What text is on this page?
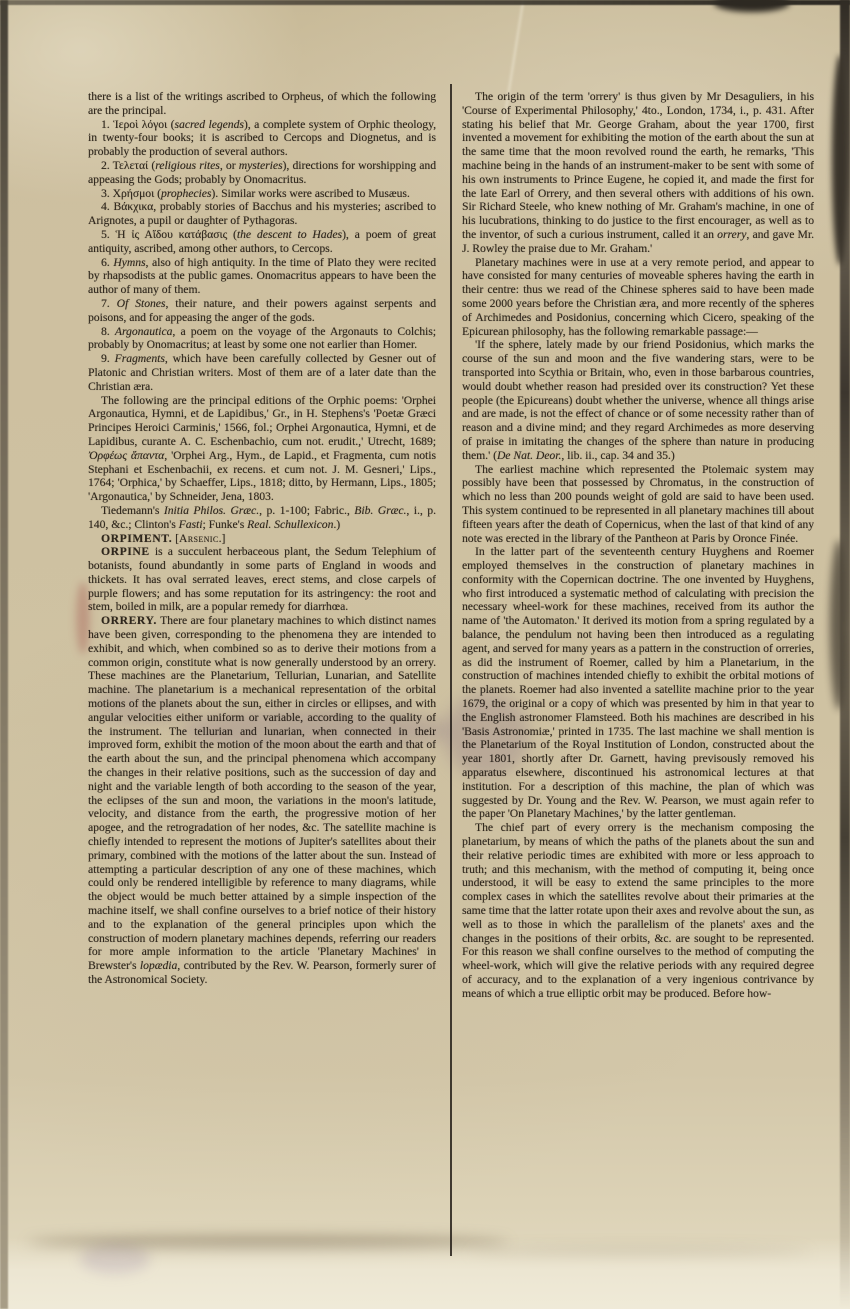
there is a list of the writings ascribed to Orpheus, of which the following are the principal.

1. Ἱεροὶ λόγοι (sacred legends), a complete system of Orphic theology, in twenty-four books; it is ascribed to Cercops and Diognetus, and is probably the production of several authors.

2. Τελεταί (religious rites, or mysteries), directions for worshipping and appeasing the Gods; probably by Onomacritus.

3. Χρήσμοι (prophecies). Similar works were ascribed to Musæus.

4. Βάκχικα, probably stories of Bacchus and his mysteries; ascribed to Arignotes, a pupil or daughter of Pythagoras.

5. Ἡ ἰς Αἴδου κατάβασις (the descent to Hades), a poem of great antiquity, ascribed, among other authors, to Cercops.

6. Hymns, also of high antiquity. In the time of Plato they were recited by rhapsodists at the public games. Onomacritus appears to have been the author of many of them.

7. Of Stones, their nature, and their powers against serpents and poisons, and for appeasing the anger of the gods.

8. Argonautica, a poem on the voyage of the Argonauts to Colchis; probably by Onomacritus; at least by some one not earlier than Homer.

9. Fragments, which have been carefully collected by Gesner out of Platonic and Christian writers. Most of them are of a later date than the Christian æra.

The following are the principal editions of the Orphic poems: 'Orphei Argonautica, Hymni, et de Lapidibus,' Gr., in H. Stephens's 'Poetæ Græci Principes Heroici Carminis,' 1566, fol.; Orphei Argonautica, Hymni, et de Lapidibus, curante A. C. Eschenbachio, cum not. erudit.,' Utrecht, 1689; Ὀρφέως ἅπαντα, 'Orphei Arg., Hym., de Lapid., et Fragmenta, cum notis Stephani et Eschenbachii, ex recens. et cum not. J. M. Gesneri,' Lips., 1764; 'Orphica,' by Schaeffer, Lips., 1818; ditto, by Hermann, Lips., 1805; 'Argonautica,' by Schneider, Jena, 1803.

Tiedemann's Initia Philos. Græc., p. 1-100; Fabric., Bib. Græc., i., p. 140, &c.; Clinton's Fasti; Funke's Real. Schullexicon.)

ORPIMENT. [Arsenic.]

ORPINE is a succulent herbaceous plant, the Sedum Telephium of botanists, found abundantly in some parts of England in woods and thickets. It has oval serrated leaves, erect stems, and close carpels of purple flowers; and has some reputation for its astringency: the root and stem, boiled in milk, are a popular remedy for diarrhœa.

ORRERY. There are four planetary machines to which distinct names have been given, corresponding to the phenomena they are intended to exhibit, and which, when combined so as to derive their motions from a common origin, constitute what is now generally understood by an orrery. These machines are the Planetarium, Tellurian, Lunarian, and Satellite machine. The planetarium is a mechanical representation of the orbital motions of the planets about the sun, either in circles or ellipses, and with angular velocities either uniform or variable, according to the quality of the instrument. The tellurian and lunarian, when connected in their improved form, exhibit the motion of the moon about the earth and that of the earth about the sun, and the principal phenomena which accompany the changes in their relative positions, such as the succession of day and night and the variable length of both according to the season of the year, the eclipses of the sun and moon, the variations in the moon's latitude, velocity, and distance from the earth, the progressive motion of her apogee, and the retrogradation of her nodes, &c. The satellite machine is chiefly intended to represent the motions of Jupiter's satellites about their primary, combined with the motions of the latter about the sun. Instead of attempting a particular description of any one of these machines, which could only be rendered intelligible by reference to many diagrams, while the object would be much better attained by a simple inspection of the machine itself, we shall confine ourselves to a brief notice of their history and to the explanation of the general principles upon which the construction of modern planetary machines depends, referring our readers for more ample information to the article 'Planetary Machines' in Brewster's lopædia, contributed by the Rev. W. Pearson, formerly surer of the Astronomical Society.

The origin of the term 'orrery' is thus given by Mr Desaguliers, in his 'Course of Experimental Philosophy,' 4to., London, 1734, i., p. 431. After stating his belief that Mr. George Graham, about the year 1700, first invented a movement for exhibiting the motion of the earth about the sun at the same time that the moon revolved round the earth, he remarks, 'This machine being in the hands of an instrument-maker to be sent with some of his own instruments to Prince Eugene, he copied it, and made the first for the late Earl of Orrery, and then several others with additions of his own. Sir Richard Steele, who knew nothing of Mr. Graham's machine, in one of his lucubrations, thinking to do justice to the first encourager, as well as to the inventor, of such a curious instrument, called it an orrery, and gave Mr. J. Rowley the praise due to Mr. Graham.'

Planetary machines were in use at a very remote period, and appear to have consisted for many centuries of moveable spheres having the earth in their centre: thus we read of the Chinese spheres said to have been made some 2000 years before the Christian æra, and more recently of the spheres of Archimedes and Posidonius, concerning which Cicero, speaking of the Epicurean philosophy, has the following remarkable passage:—

'If the sphere, lately made by our friend Posidonius, which marks the course of the sun and moon and the five wandering stars, were to be transported into Scythia or Britain, who, even in those barbarous countries, would doubt whether reason had presided over its construction? Yet these people (the Epicureans) doubt whether the universe, whence all things arise and are made, is not the effect of chance or of some necessity rather than of reason and a divine mind; and they regard Archimedes as more deserving of praise in imitating the changes of the sphere than nature in producing them.' (De Nat. Deor., lib. ii., cap. 34 and 35.)

The earliest machine which represented the Ptolemaic system may possibly have been that possessed by Chromatus, in the construction of which no less than 200 pounds weight of gold are said to have been used. This system continued to be represented in all planetary machines till about fifteen years after the death of Copernicus, when the last of that kind of any note was erected in the library of the Pantheon at Paris by Oronce Finée.

In the latter part of the seventeenth century Huyghens and Roemer employed themselves in the construction of planetary machines in conformity with the Copernican doctrine. The one invented by Huyghens, who first introduced a systematic method of calculating with precision the necessary wheel-work for these machines, received from its author the name of 'the Automaton.' It derived its motion from a spring regulated by a balance, the pendulum not having been then introduced as a regulating agent, and served for many years as a pattern in the construction of orreries, as did the instrument of Roemer, called by him a Planetarium, in the construction of machines intended chiefly to exhibit the orbital motions of the planets. Roemer had also invented a satellite machine prior to the year 1679, the original or a copy of which was presented by him in that year to the English astronomer Flamsteed. Both his machines are described in his 'Basis Astronomiæ,' printed in 1735. The last machine we shall mention is the Planetarium of the Royal Institution of London, constructed about the year 1801, shortly after Dr. Garnett, having previsously removed his apparatus elsewhere, discontinued his astronomical lectures at that institution. For a description of this machine, the plan of which was suggested by Dr. Young and the Rev. W. Pearson, we must again refer to the paper 'On Planetary Machines,' by the latter gentleman.

The chief part of every orrery is the mechanism composing the planetarium, by means of which the paths of the planets about the sun and their relative periodic times are exhibited with more or less approach to truth; and this mechanism, with the method of computing it, being once understood, it will be easy to extend the same principles to the more complex cases in which the satellites revolve about their primaries at the same time that the latter rotate upon their axes and revolve about the sun, as well as to those in which the parallelism of the planets' axes and the changes in the positions of their orbits, &c. are sought to be represented. For this reason we shall confine ourselves to the method of computing the wheel-work, which will give the relative periods with any required degree of accuracy, and to the explanation of a very ingenious contrivance by means of which a true elliptic orbit may be produced. Before how-
